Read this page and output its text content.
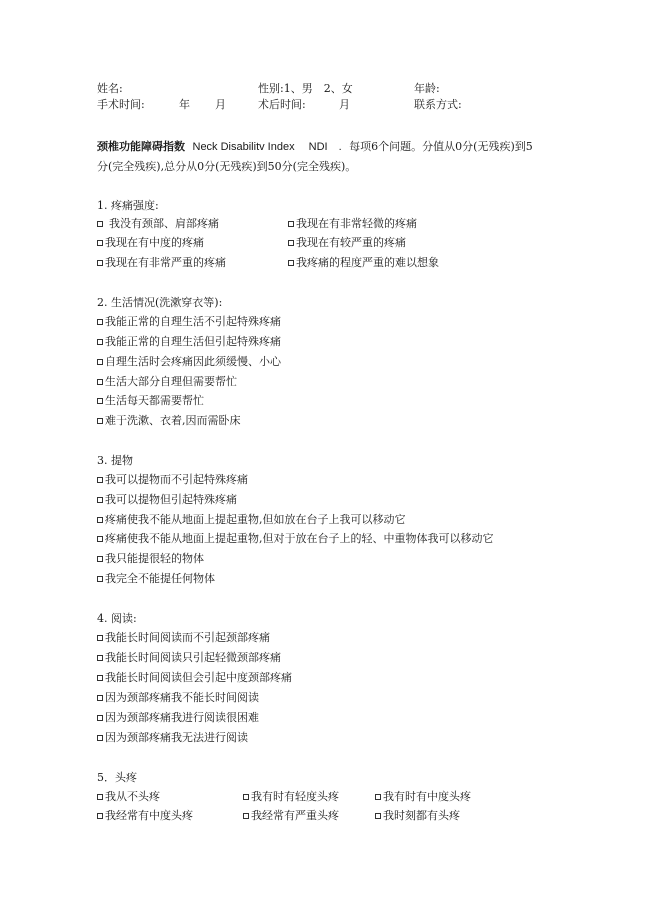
姓名:	性别:1、男　2、女	年龄:
手术时间:	年 月	术后时间:	月	联系方式:
颈椎功能障碍指数 Neck Disabilitv Index　 NDI　. 每项6个问题。分值从0分(无残疾)到5
分(完全残疾),总分从0分(无残疾)到50分(完全残疾)。
1. 疼痛强度:
我没有颈部、肩部疼痛	我现在有非常轻微的疼痛
我现在有中度的疼痛	我现在有较严重的疼痛
我现在有非常严重的疼痛	我疼痛的程度严重的难以想象
2. 生活情况(洗漱穿衣等):
我能正常的自理生活不引起特殊疼痛
我能正常的自理生活但引起特殊疼痛
自理生活时会疼痛因此须缓慢、小心
生活大部分自理但需要帮忙
生活每天都需要帮忙
难于洗漱、衣着,因而需卧床
3. 提物
我可以提物而不引起特殊疼痛
我可以提物但引起特殊疼痛
疼痛使我不能从地面上提起重物,但如放在台子上我可以移动它
疼痛使我不能从地面上提起重物,但对于放在台子上的轻、中重物体我可以移动它
我只能提很轻的物体
我完全不能提任何物体
4. 阅读:
我能长时间阅读而不引起颈部疼痛
我能长时间阅读只引起轻微颈部疼痛
我能长时间阅读但会引起中度颈部疼痛
因为颈部疼痛我不能长时间阅读
因为颈部疼痛我进行阅读很困难
因为颈部疼痛我无法进行阅读
5．头疼
我从不头疼	我有时有轻度头疼	我有时有中度头疼
我经常有中度头疼	我经常有严重头疼	我时刻都有头疼
